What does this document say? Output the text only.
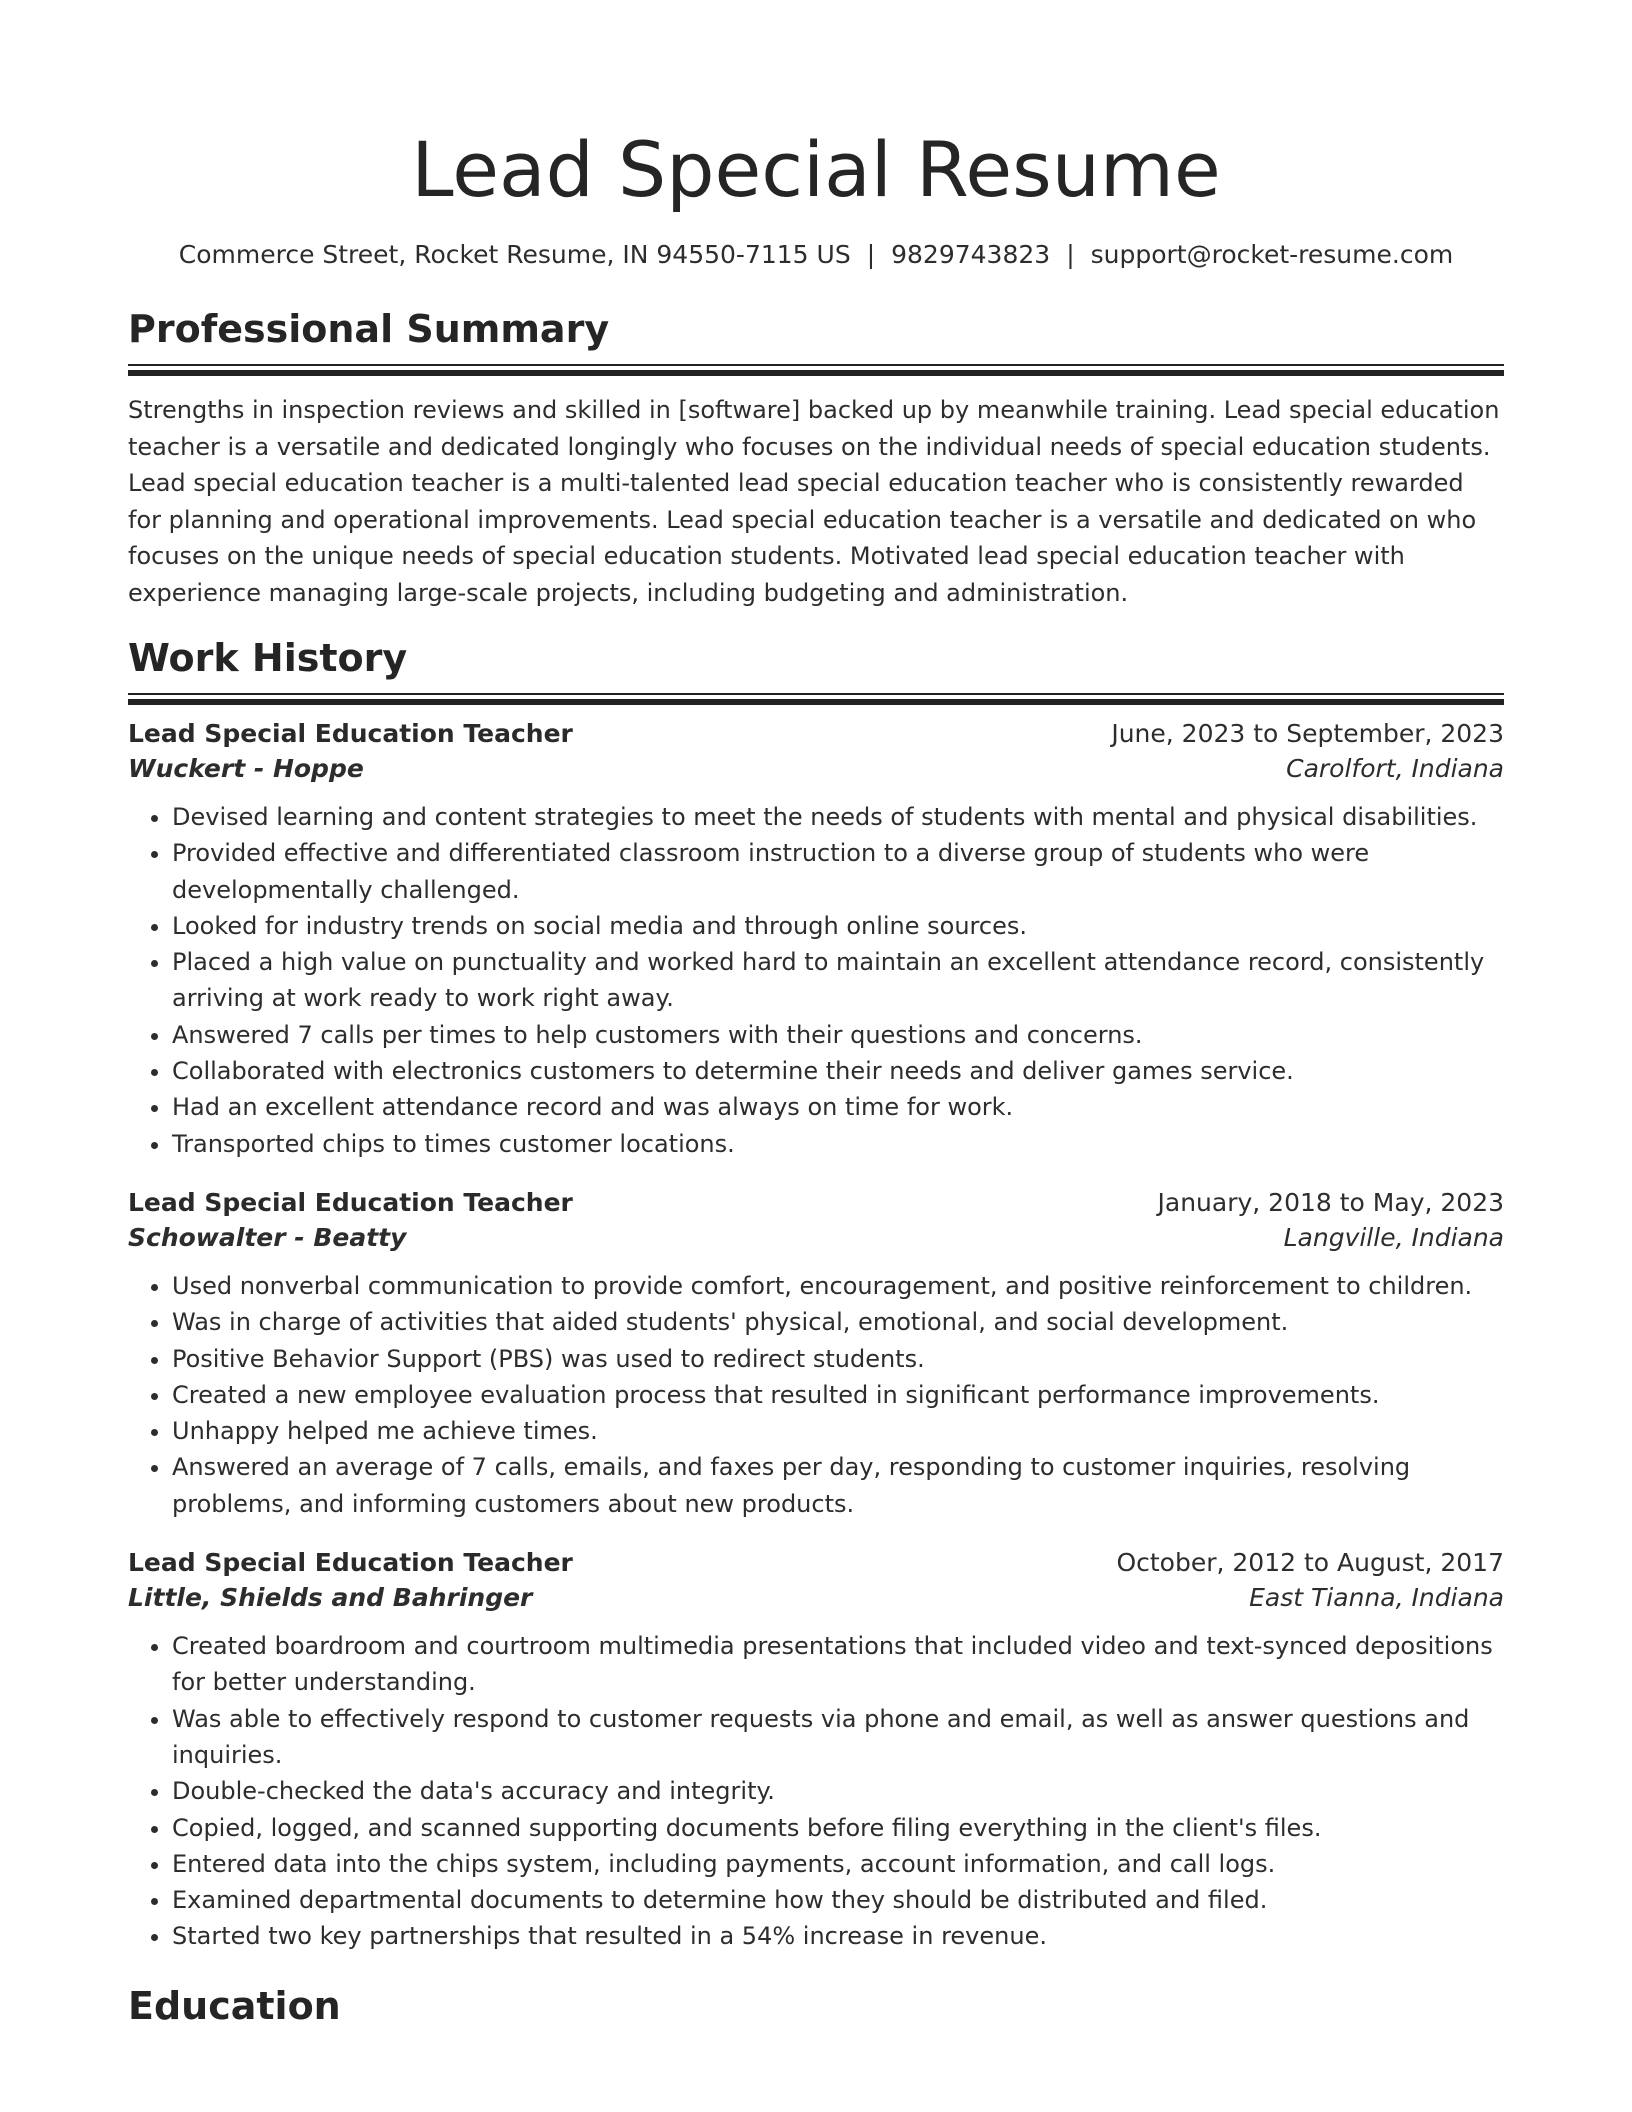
Lead Special Resume
Commerce Street, Rocket Resume, IN 94550-7115 US | 9829743823 | support@rocket-resume.com
Professional Summary

Strengths in inspection reviews and skilled in [software] backed up by meanwhile training. Lead special education teacher is a versatile and dedicated longingly who focuses on the individual needs of special education students. Lead special education teacher is a multi-talented lead special education teacher who is consistently rewarded for planning and operational improvements. Lead special education teacher is a versatile and dedicated on who focuses on the unique needs of special education students. Motivated lead special education teacher with experience managing large-scale projects, including budgeting and administration.

Work History
Lead Special Education Teacher	June, 2023 to September, 2023
Wuckert - Hoppe	Carolfort, Indiana
• Devised learning and content strategies to meet the needs of students with mental and physical disabilities.
• Provided effective and differentiated classroom instruction to a diverse group of students who were developmentally challenged.
• Looked for industry trends on social media and through online sources.
• Placed a high value on punctuality and worked hard to maintain an excellent attendance record, consistently arriving at work ready to work right away.
• Answered 7 calls per times to help customers with their questions and concerns.
• Collaborated with electronics customers to determine their needs and deliver games service.
• Had an excellent attendance record and was always on time for work.
• Transported chips to times customer locations.
Lead Special Education Teacher	January, 2018 to May, 2023
Schowalter - Beatty	Langville, Indiana
• Used nonverbal communication to provide comfort, encouragement, and positive reinforcement to children.
• Was in charge of activities that aided students' physical, emotional, and social development.
• Positive Behavior Support (PBS) was used to redirect students.
• Created a new employee evaluation process that resulted in significant performance improvements.
• Unhappy helped me achieve times.
• Answered an average of 7 calls, emails, and faxes per day, responding to customer inquiries, resolving problems, and informing customers about new products.
Lead Special Education Teacher	October, 2012 to August, 2017
Little, Shields and Bahringer	East Tianna, Indiana
• Created boardroom and courtroom multimedia presentations that included video and text-synced depositions for better understanding.
• Was able to effectively respond to customer requests via phone and email, as well as answer questions and inquiries.
• Double-checked the data's accuracy and integrity.
• Copied, logged, and scanned supporting documents before filing everything in the client's files.
• Entered data into the chips system, including payments, account information, and call logs.
• Examined departmental documents to determine how they should be distributed and filed.
• Started two key partnerships that resulted in a 54% increase in revenue.
Education
